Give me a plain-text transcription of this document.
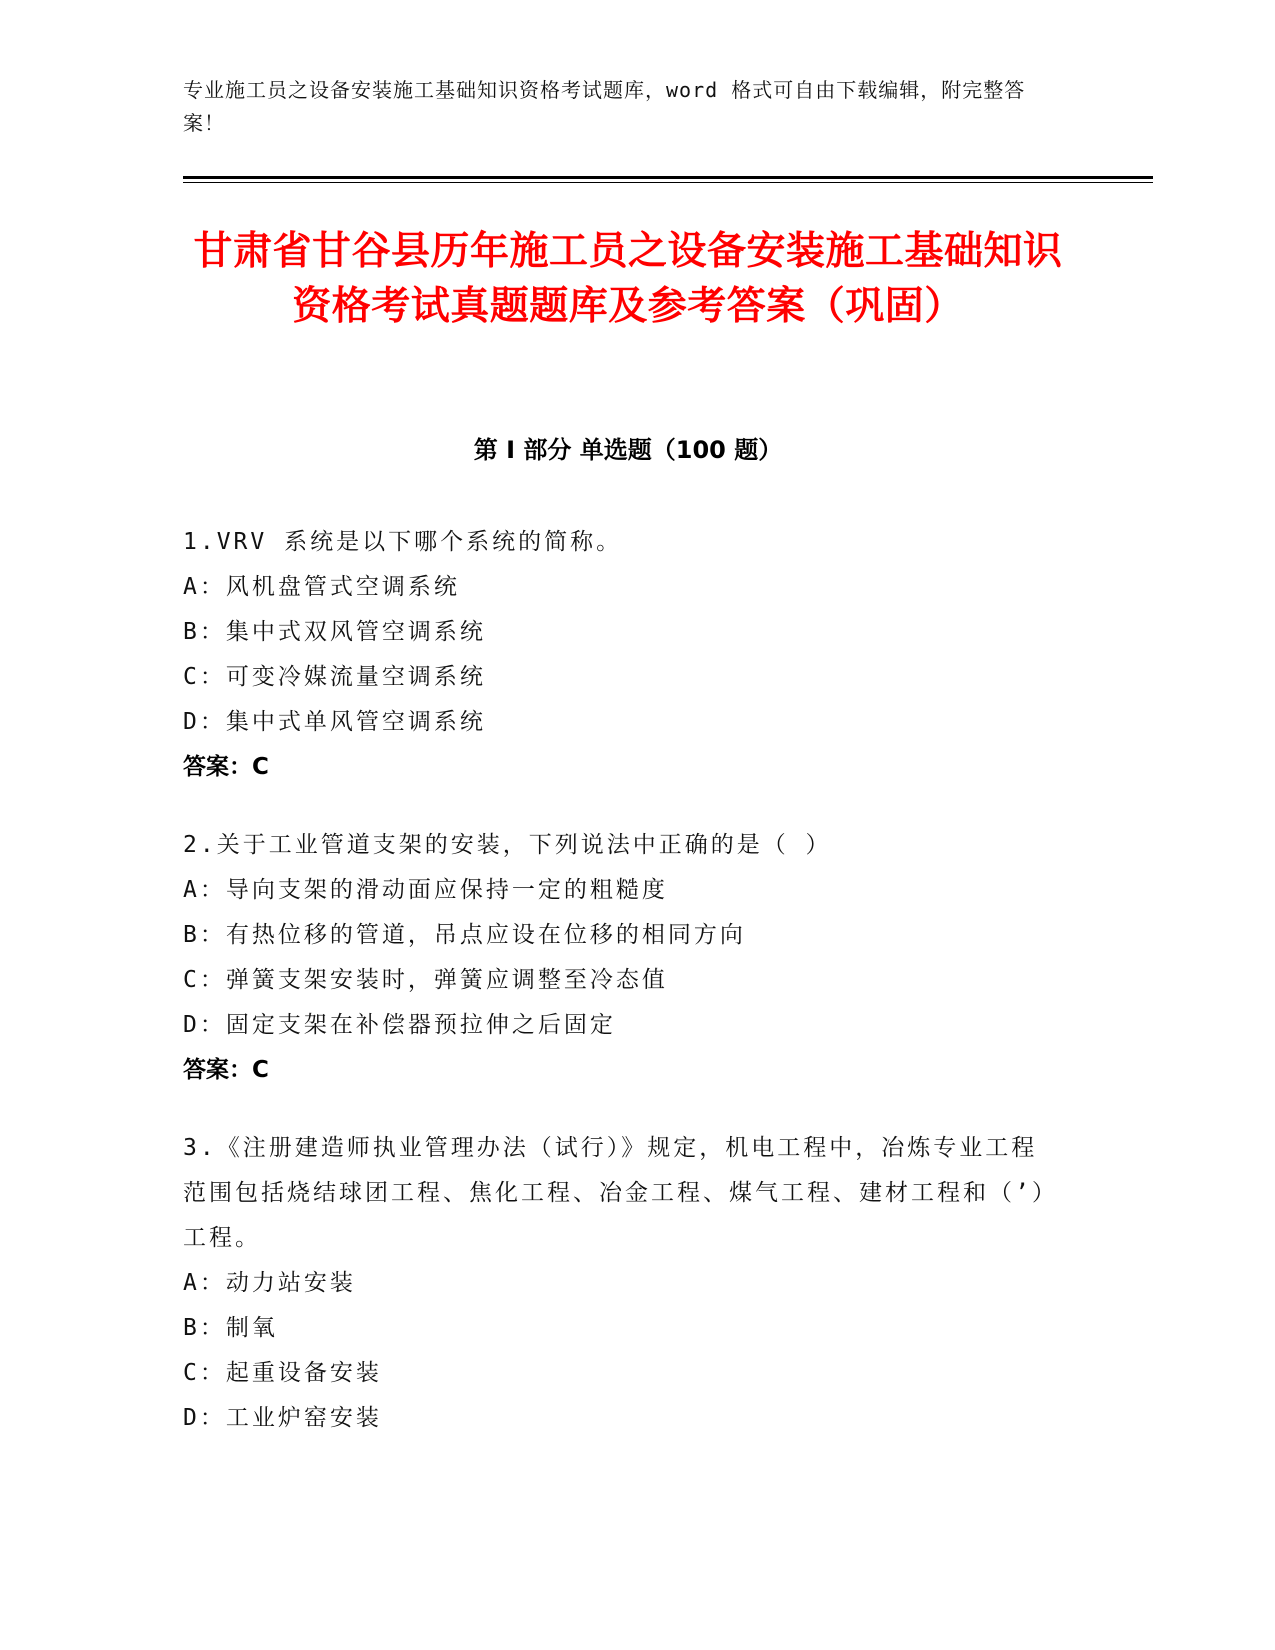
专业施工员之设备安装施工基础知识资格考试题库，word 格式可自由下载编辑，附完整答案！
甘肃省甘谷县历年施工员之设备安装施工基础知识资格考试真题题库及参考答案（巩固）
第 I 部分 单选题（100 题）
1.VRV 系统是以下哪个系统的简称。
A：风机盘管式空调系统
B：集中式双风管空调系统
C：可变冷媒流量空调系统
D：集中式单风管空调系统
答案：C
2.关于工业管道支架的安装，下列说法中正确的是（ ）
A：导向支架的滑动面应保持一定的粗糙度
B：有热位移的管道，吊点应设在位移的相同方向
C：弹簧支架安装时，弹簧应调整至冷态值
D：固定支架在补偿器预拉伸之后固定
答案：C
3.《注册建造师执业管理办法（试行）》规定，机电工程中，冶炼专业工程范围包括烧结球团工程、焦化工程、冶金工程、煤气工程、建材工程和（’）工程。
A：动力站安装
B：制氧
C：起重设备安装
D：工业炉窑安装
